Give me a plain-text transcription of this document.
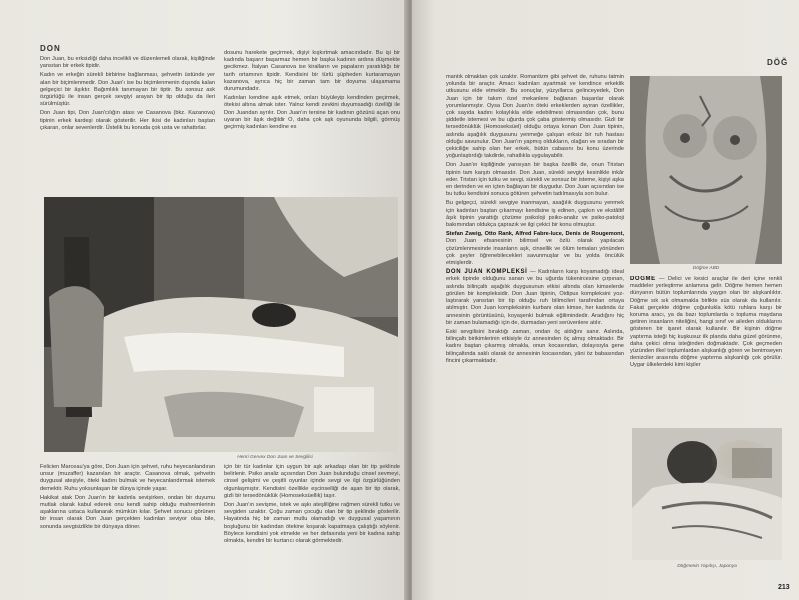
DON

Don Juan, bu erksizliği daha incelikli ve düzenlemeli olarak, kişiliğinde yansıtan bir erkek tipidir.

Kadın ve erkeğin sürekli birbirine bağlanması, şehvetin üstünde yer alan bir biçimlenmedir. Don Juan'ı ise bu biçimlenmenin dışında kalan gelgeçici bir âşıktır. Bağımlılık tanımayan bir tiptir. Bu sonsuz ask özgürlüğü ile insan gerçek sevgiyi arayan bir tip olduğu da ileri sürülmüştür.

Don Juan tipi, Don Juan'cılığın atası ve Casanova (bkz. Kazanova) tipinin erkek kardeşi olarak gösterilir. Her ikisi de kadınları baştan çıkaran, onlar sevenlerdir. Üstelik bu konuda çok usta ve rahattırlar.

dosunu harekete geçirmek, dişiyi kışkırtmak amacındadır. Bu işi bir kadında başarır başarmaz hemen bir başka kadının ardına düşmekte gecikmez. İtalyan Casanova ise kiralların ve papaların yaratıldığı bir tarih ortamının tipidir. Kendisini bir türlü şüpheden kurtaramayan kazanova, ayrıca hiç bir zaman tam bir doyuma ulaşamama durumundadır.

Kadınları kendine aşık etmek, onları büyüleyip kendinden geçirmek, ötekisi altına almak ister. Yalnız kendi zevkini duyumsadığı özelliği ile Don Juandan ayrılır. Don Juan'ın tersine bir kadının gözünü açan onu uyaran bir âşık değildir O, daha çok aşk oyununda bilgili, görmüş geçirmiş kadınları kendine es

Henri Gervex Don Juan ve Sevgilisi

Felicien Marceau'ya göre, Don Juan için şehvet, ruhu heyecanlandıran unsur (muzaffer) kazanılan bir araçtır. Casanova olmak, şehvetin duygusal ateşiyle, öteki kadını bulmak ve heyecanlandırmak istemek demektir. Ruhu yoksunlaşan bir dünya içinde yaşar.

Hakikat atak Don Juan'ın bir kadınla sevişirken, ondan bir duyumu mutlak olarak kabul ederek onu kendi sahip olduğu mahremlerinin aşaklarına ustaca kullanarak mümkün kılar. Şehvet sonucu görünen bir insan olarak Don Juan gerçekten kadınları seviyor olsa bile, sonunda sevgisizlikte bir dünyaya döner.

için bir tür kadınlar için uygun bir aşk arkadaşı olan bir tip şeklinde belirlenir. Psiko analiz açısından Don Juan bulunduğu cinsel sevmeyi, cinsel gelişimi ve çeşitli oyunlar içinde sevgi ve ilgi özgürlüğünden olgunlaşmıştır. Kendisini özellikle eşcinselliği de aşan bir tip olarak, gizli bir tersedönüklük (Homoseksüellik) taşır.

Don Juan'ın sevişme, istek ve aşkı ateşliliğine rağmen sürekli tutku ve sevgiden uzaktır. Çoğu zaman çocuğu olan bir tip şeklinde gösterilir. Hayatında hiç bir zaman mutlu olamadığı ve duygusal yaşamının boşluğunu bir kadından ötekine koşarak kapatmaya çalıştığı söylenir. Böylece kendisini yok etmekte ve her defasında yeni bir kadına sahip olmakta, kendini bir kurtarıcı olarak görmektedir.

DÖĞ

mantık olmaktan çok uzaktır. Romantizm gibi şehvet de, ruhunu tatmin yolunda bir araçtır. Amacı kadınları ayartmak ve kendince erkeklik utkusunu elde etmektir. Bu sonuçlar, yüzyıllarca gelinceyedek, Don Juan için bir takım özel mekanlere bağlanan başarılar olarak yorumlanmıştır. Oysa Don Juan'ın öteki erkeklerden ayıran özellikler, çok sayıda kadını kolaylıkla elde edebilmesi olmasından çok, bunu şiddetle istemesi ve bu uğurda çok çaba göstermiş olmasıdır. Gizli bir tersedönüklük (Homoseksüel) olduğu ortaya konan Don Juan tipinin, aslında aşağılık duygusunu yenmeğe çalışan erksiz bir ruh hastası olduğu savunulur. Don Juan'ın yapmış oldukların, olağan ve sıradan bir çekiciliğe sahip olan her erkek, bütün cabasını bu konu üzerinde yoğunlaştırdığı takdirde, rahatlıkla uygulayabilir.

Don Juan'ın kişiliğinde yansıyan bir başka özellik de, onun Tristan tipinin tam karşıtı olmasıdır. Don Juan, sürekli sevgiyi kesinlikle inkâr eder. Tristan için tutku ve sevgi, sürekli ve sonsuz bir isteme, kişiyi aşka en derinden ve en içten bağlayan bir duygudur. Don Juan açısından ise bu tutku kendisini sonuca götüren şehvetin tadılmasıyla son bulur.

Bu gelgeçci, sürekli sevgiye inanmayan, asağılık duygusunu yenmek için kadınları baştan çıkarmayı kendisine iş edinen, çapkın ve ekstâltif âşık tipinin yarattığı çözüme psikoloji psiko-analiz ve psiko-patoloji bakımından oldukça çaprazık ve ilgi çekici bir konu olmuştur.

Stefan Zweig, Otto Rank, Alfred Fabre-luce, Denis de Rougemont, Don Juan efsanesinin bilimsel ve özlü olarak yapılacak çözümlenmesinde insanların aşk, cinsellik ve ölüm temaları yönünden çok şeyler öğrenebilecekleri savunmuşlar ve bu yolda öncülük etmişlerdir.

DON JUAN KOMPLEKSİ — Kadınların karşı koyamadığı ideal erkek tipinde olduğunu sanan ve bu uğurda tükenircesine çırpınan, aslında bilinçaltı aşağılık duygusunun etkisi altında olan kimselerde görülen bir kompleksidir. Don Juan tipinin, Oidipus kompleksini yoz-laştırarak yansıtan bir tip olduğu ruh bilimcileri tarafından ortaya atılmıştır. Don Juan kompleksinin kurbanı olan kimse, her kadında öz annesinin görüntüsünü, koyaşenki bulmak eğilimindedir. Aradığını hiç bir zaman bulamadığı için de, durmadan yeni serüvenlere atılır.

Eski sevgilisini bıraktığı zaman, ondan öç aldığını sanır. Aslında, bilinçaltı birikimlerinin etkisiyle öz annesinden öç almış olmaktadır. Bir kadını baştan çıkarmış olmakla, onun kocasından, dolayısıyla gene bilinçaltında saklı olarak öz annesinin kocasından, yâni öz babasından fincini çıkarmaktadır.

Döğme ABD

DÖĞME — Delici ve kesici araçlar ile deri içine renkli maddeler yerleştirme anlamına gelir. Döğme hemen hemen dünyanın bütün toplumlarında yaygın olan bir alışkanlıktır. Döğme sık sık olmamakla birlikte süs olarak da kullanılır. Fakat gerçekte döğme çoğunlukla kötü ruhlara karşı bir koruma aracı, ya da bazı toplumlarda o topluma maydana getiren insanların niteliğini, hangi sınıf ve aileden olduklarını gösteren bir işaret olarak kullanılır. Bir kişinin döğme yaptırma isteği hiç kuşkusuz ilk planda daha güzel görünme, daha çekici olma isteğinden doğmaktadır. Çok geçmeden yüzünden ilkel toplumlardan alışkanlığı gören ve benimseyen denizciler arasında döğme yaptırma alışkanlığı çok görülür. Uygar ülkelerdeki kimi kişiler

Döğmenin Yapılışı, Japonya
213
